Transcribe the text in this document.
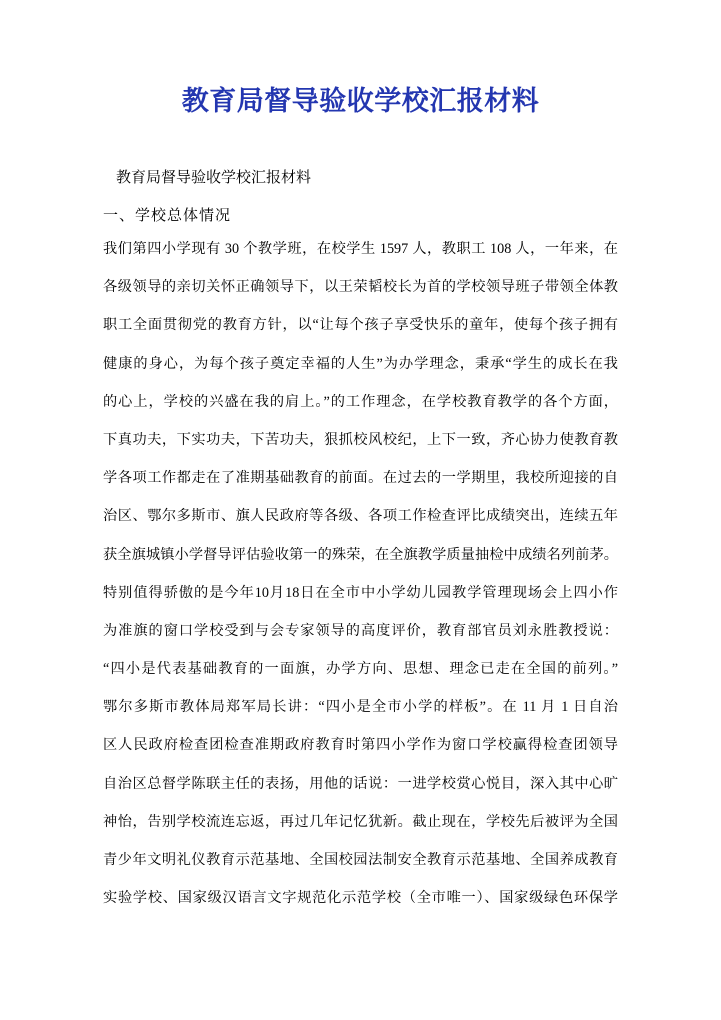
教育局督导验收学校汇报材料
教育局督导验收学校汇报材料
一、学校总体情况
我们第四小学现有 30 个教学班，在校学生 1597 人，教职工 108 人，一年来，在
各级领导的亲切关怀正确领导下，以王荣韬校长为首的学校领导班子带领全体教
职工全面贯彻党的教育方针，以“让每个孩子享受快乐的童年，使每个孩子拥有
健康的身心，为每个孩子奠定幸福的人生”为办学理念，秉承“学生的成长在我
的心上，学校的兴盛在我的肩上。”的工作理念，在学校教育教学的各个方面，
下真功夫，下实功夫，下苦功夫，狠抓校风校纪，上下一致，齐心协力使教育教
学各项工作都走在了准期基础教育的前面。在过去的一学期里，我校所迎接的自
治区、鄂尔多斯市、旗人民政府等各级、各项工作检查评比成绩突出，连续五年
获全旗城镇小学督导评估验收第一的殊荣，在全旗教学质量抽检中成绩名列前茅。
特别值得骄傲的是今年10月18日在全市中小学幼儿园教学管理现场会上四小作
为准旗的窗口学校受到与会专家领导的高度评价，教育部官员刘永胜教授说：
“四小是代表基础教育的一面旗，办学方向、思想、理念已走在全国的前列。”
鄂尔多斯市教体局郑军局长讲：“四小是全市小学的样板”。在 11 月 1 日自治
区人民政府检查团检查准期政府教育时第四小学作为窗口学校赢得检查团领导
自治区总督学陈联主任的表扬，用他的话说：一进学校赏心悦目，深入其中心旷
神怡，告别学校流连忘返，再过几年记忆犹新。截止现在，学校先后被评为全国
青少年文明礼仪教育示范基地、全国校园法制安全教育示范基地、全国养成教育
实验学校、国家级汉语言文字规范化示范学校（全市唯一）、国家级绿色环保学
